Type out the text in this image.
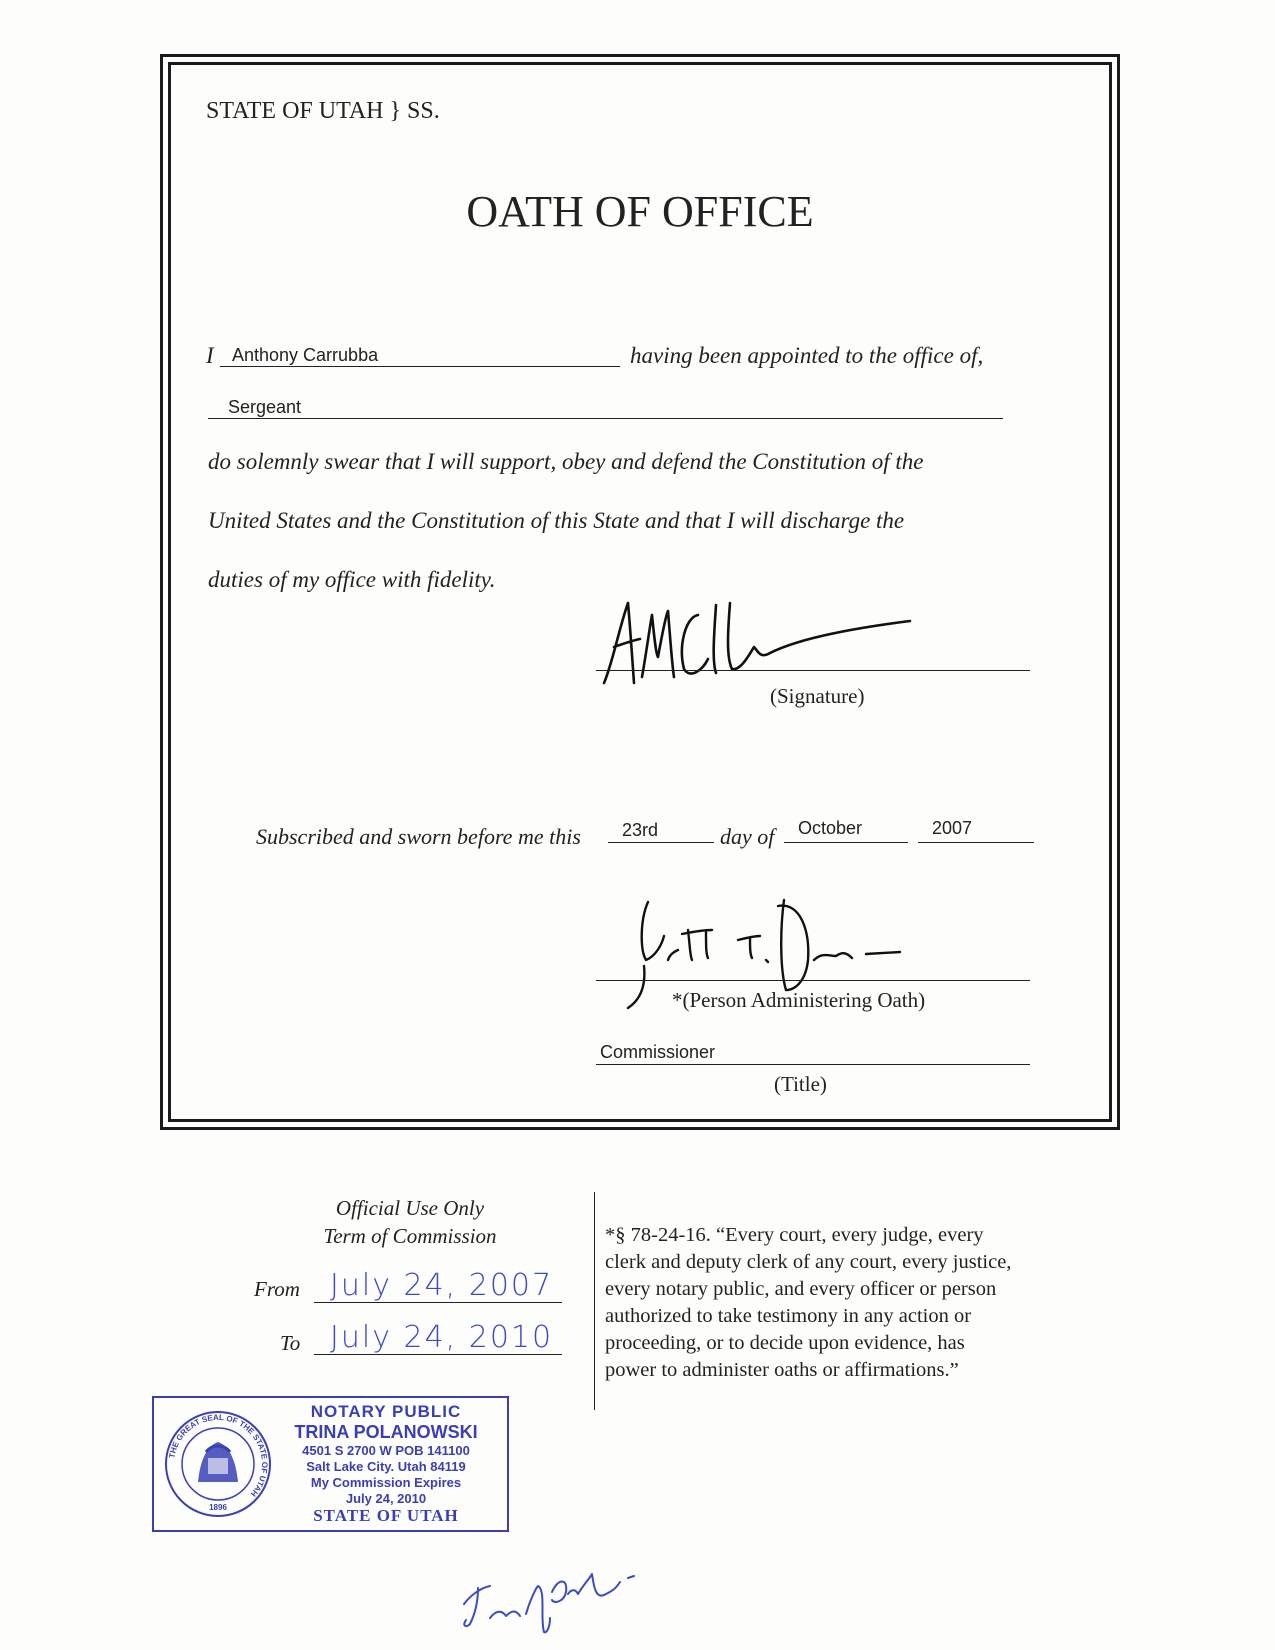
STATE OF UTAH } SS.
OATH OF OFFICE
I Anthony Carrubba	having been appointed to the office of,
Sergeant
do solemnly swear that I will support, obey and defend the Constitution of the
United States and the Constitution of this State and that I will discharge the
duties of my office with fidelity.
(Signature)
Subscribed and sworn before me this 23rd	day of October	2007
*(Person Administering Oath)
Commissioner
(Title)
Official Use Only
Term of Commission
From July 24, 2007
To July 24, 2010
*§ 78-24-16. “Every court, every judge, every
clerk and deputy clerk of any court, every justice,
every notary public, and every officer or person
authorized to take testimony in any action or
proceeding, or to decide upon evidence, has
power to administer oaths or affirmations.”
THE GREAT SEAL OF THE STATE OF UTAH
1896
NOTARY PUBLIC
TRINA POLANOWSKI
4501 S 2700 W POB 141100
Salt Lake City. Utah 84119
My Commission Expires
July 24, 2010
STATE OF UTAH
